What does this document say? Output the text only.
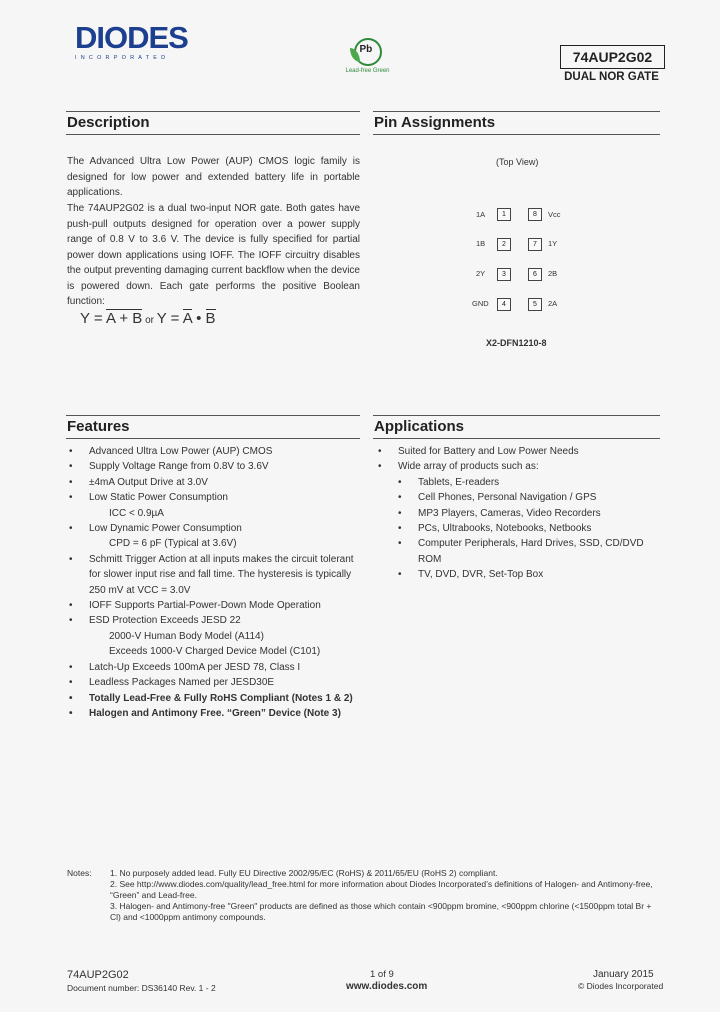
DIODES
INCORPORATED
Pb
Lead-free Green
74AUP2G02
DUAL NOR GATE
Description
The Advanced Ultra Low Power (AUP) CMOS logic family is designed for low power and extended battery life in portable applications.
The 74AUP2G02 is a dual two-input NOR gate. Both gates have push-pull outputs designed for operation over a power supply range of 0.8 V to 3.6 V. The device is fully specified for partial power down applications using IOFF. The IOFF circuitry disables the output preventing damaging current backflow when the device is powered down. Each gate performs the positive Boolean function:
Y = A + B or Y = A • B
Pin Assignments
(Top View)
1A
1B
2Y
GND
1
2
3
4
8
7
6
5
Vcc
1Y
2B
2A
X2-DFN1210-8
Features
• Advanced Ultra Low Power (AUP) CMOS
• Supply Voltage Range from 0.8V to 3.6V
• ±4mA Output Drive at 3.0V
• Low Static Power Consumption
ICC < 0.9µA
• Low Dynamic Power Consumption
CPD = 6 pF (Typical at 3.6V)
• Schmitt Trigger Action at all inputs makes the circuit tolerant for slower input rise and fall time. The hysteresis is typically 250 mV at VCC = 3.0V
• IOFF Supports Partial-Power-Down Mode Operation
• ESD Protection Exceeds JESD 22
2000-V Human Body Model (A114)
Exceeds 1000-V Charged Device Model (C101)
• Latch-Up Exceeds 100mA per JESD 78, Class I
• Leadless Packages Named per JESD30E
• Totally Lead-Free & Fully RoHS Compliant (Notes 1 & 2)
• Halogen and Antimony Free. “Green” Device (Note 3)
Applications
• Suited for Battery and Low Power Needs
• Wide array of products such as:
• Tablets, E-readers
• Cell Phones, Personal Navigation / GPS
• MP3 Players, Cameras, Video Recorders
• PCs, Ultrabooks, Notebooks, Netbooks
• Computer Peripherals, Hard Drives, SSD, CD/DVD ROM
• TV, DVD, DVR, Set-Top Box
Notes: 1. No purposely added lead. Fully EU Directive 2002/95/EC (RoHS) & 2011/65/EU (RoHS 2) compliant.
2. See http://www.diodes.com/quality/lead_free.html for more information about Diodes Incorporated’s definitions of Halogen- and Antimony-free, “Green” and Lead-free.
3. Halogen- and Antimony-free "Green" products are defined as those which contain <900ppm bromine, <900ppm chlorine (<1500ppm total Br + Cl) and <1000ppm antimony compounds.
74AUP2G02
Document number: DS36140 Rev. 1 - 2
1 of 9
www.diodes.com
January 2015
© Diodes Incorporated
